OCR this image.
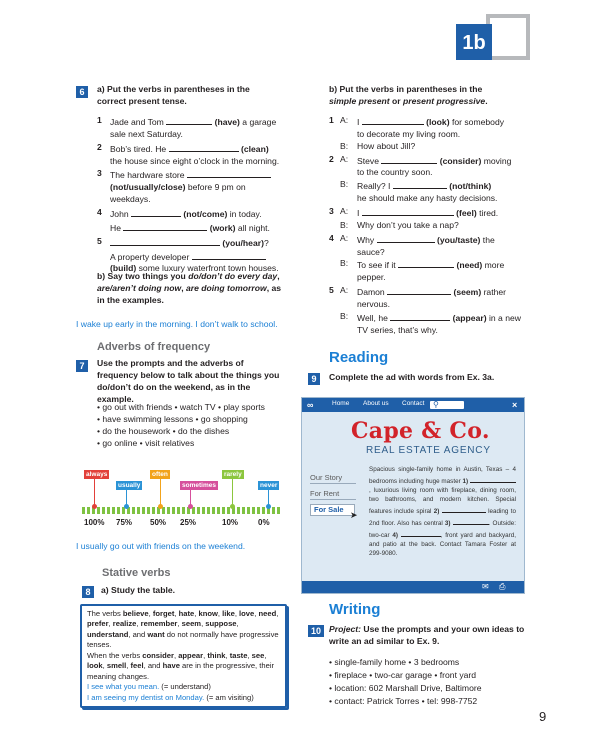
1b
6	a) Put the verbs in parentheses in the correct present tense.
1 Jade and Tom	(have) a garage
sale next Saturday.
2 Bob’s tired. He	(clean)
the house since eight o’clock in the morning.
3 The hardware store
(not/usually/close) before 9 pm on weekdays.
4 John	(not/come) in today.
He	(work) all night.
5	(you/hear)?
A property developer
(build) some luxury waterfront town houses.
b) Say two things you do/don’t do every day, are/aren’t doing now, are doing tomorrow, as in the examples.
I wake up early in the morning. I don’t walk to school.
Adverbs of frequency
7	Use the prompts and the adverbs of frequency below to talk about the things you do/don’t do on the weekend, as in the example.
• go out with friends • watch TV • play sports
• have swimming lessons • go shopping
• do the housework • do the dishes
• go online • visit relatives
always
100%
usually
75%
often
50%
sometimes
25%
rarely
10%
never
0%
I usually go out with friends on the weekend.
Stative verbs
8	a) Study the table.
The verbs believe, forget, hate, know, like, love, need, prefer, realize, remember, seem, suppose, understand, and want do not normally have progressive tenses.
When the verbs consider, appear, think, taste, see, look, smell, feel, and have are in the progressive, their meaning changes.
I see what you mean. (= understand)
I am seeing my dentist on Monday. (= am visiting)
b) Put the verbs in parentheses in the
simple present or present progressive.
1 A: I	(look) for somebody
to decorate my living room.
B: How about Jill?
2 A: Steve	(consider) moving
to the country soon.
B: Really? I	(not/think)
he should make any hasty decisions.
3 A: I	(feel) tired.
B: Why don’t you take a nap?
4 A: Why	(you/taste) the
sauce?
B: To see if it	(need) more
pepper.
5 A: Damon	(seem) rather
nervous.
B: Well, he	(appear) in a new
TV series, that’s why.
Reading
9	Complete the ad with words from Ex. 3a.
∞	Home About us Contact ⚲	×
Cape & Co.
REAL ESTATE AGENCY
Our Story
For Rent
For Sale
➤
Spacious single-family home in Austin, Texas – 4 bedrooms including huge master 1) , luxurious living room with fireplace, dining room, two bathrooms, and modern kitchen. Special features include spiral 2)	leading to 2nd floor. Also has central 3)	. Outside: two-car 4)	, front yard and backyard, and patio at the back. Contact Tamara Foster at 299-9080.
✉ ⎙
Writing
10 Project: Use the prompts and your own ideas to write an ad similar to Ex. 9.
• single-family home • 3 bedrooms
• fireplace • two-car garage • front yard
• location: 602 Marshall Drive, Baltimore
• contact: Patrick Torres • tel: 998-7752
9
